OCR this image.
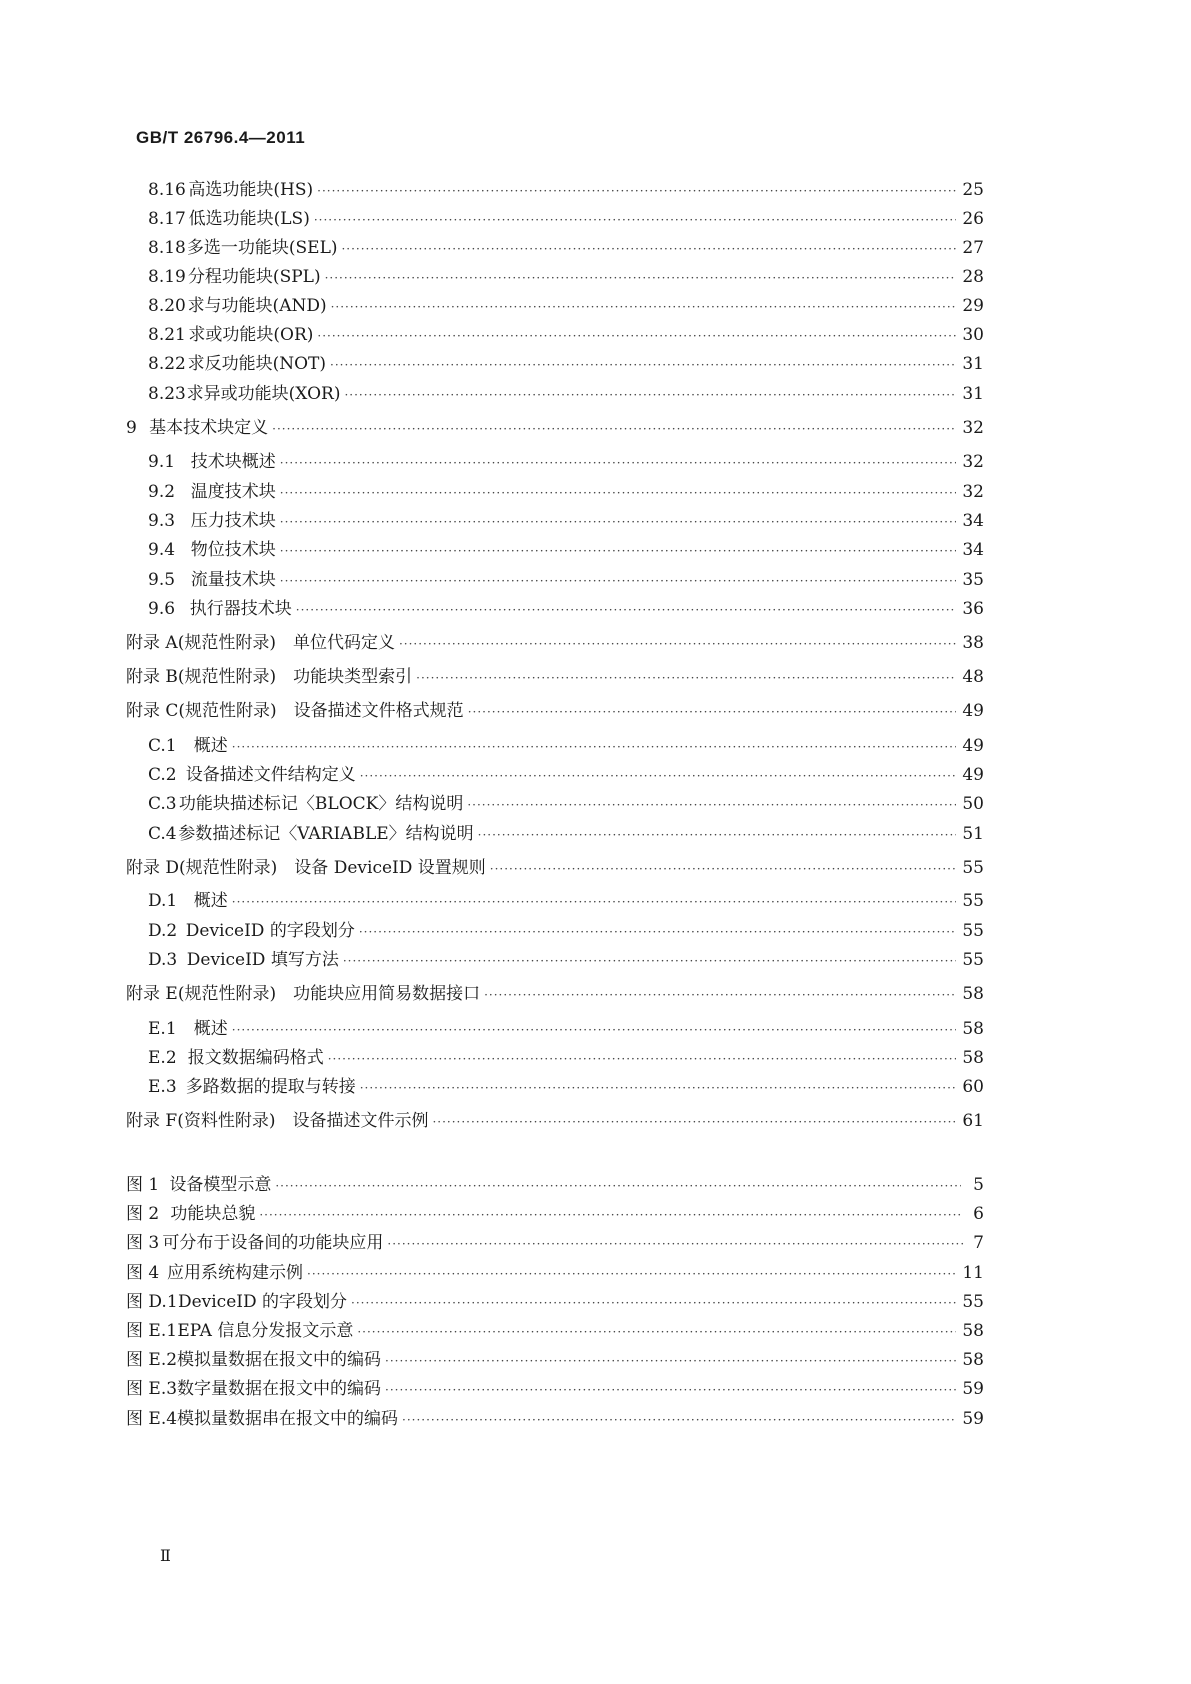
GB/T 26796.4—2011
8.16 高选功能块(HS) ·····	25
8.17 低选功能块(LS) ·····	26
8.18 多选一功能块(SEL) ·····	27
8.19 分程功能块(SPL) ·····	28
8.20 求与功能块(AND) ·····	29
8.21 求或功能块(OR) ·····	30
8.22 求反功能块(NOT) ·····	31
8.23 求异或功能块(XOR) ·····	31
9 基本技术块定义 ·····	32
9.1 技术块概述 ·····	32
9.2 温度技术块 ·····	32
9.3 压力技术块 ·····	34
9.4 物位技术块 ·····	34
9.5 流量技术块 ·····	35
9.6 执行器技术块 ·····	36
附录 A (规范性附录)　单位代码定义 ·····	38
附录 B (规范性附录)　功能块类型索引 ·····	48
附录 C (规范性附录)　设备描述文件格式规范 ·····	49
C.1	概述 ·····	49
C.2 设备描述文件结构定义 ·····	49
C.3 功能块描述标记〈BLOCK〉结构说明 ·····	50
C.4 参数描述标记〈VARIABLE〉结构说明 ·····	51
附录 D (规范性附录)　设备 DeviceID 设置规则 ·····	55
D.1 概述 ·····	55
D.2 DeviceID 的字段划分 ·····	55
D.3 DeviceID 填写方法 ·····	55
附录 E (规范性附录)　功能块应用简易数据接口 ·····	58
E.1	概述 ·····	58
E.2 报文数据编码格式 ·····	58
E.3 多路数据的提取与转接 ·····	60
附录 F (资料性附录)　设备描述文件示例 ·····	61
图 1 设备模型示意 ·····	5
图 2 功能块总貌 ·····	6
图 3 可分布于设备间的功能块应用 ·····	7
图 4 应用系统构建示例 ·····	11
图 D.1 DeviceID 的字段划分 ·····	55
图 E.1 EPA 信息分发报文示意 ·····	58
图 E.2 模拟量数据在报文中的编码 ·····	58
图 E.3 数字量数据在报文中的编码 ·····	59
图 E.4 模拟量数据串在报文中的编码 ·····	59
Ⅱ
